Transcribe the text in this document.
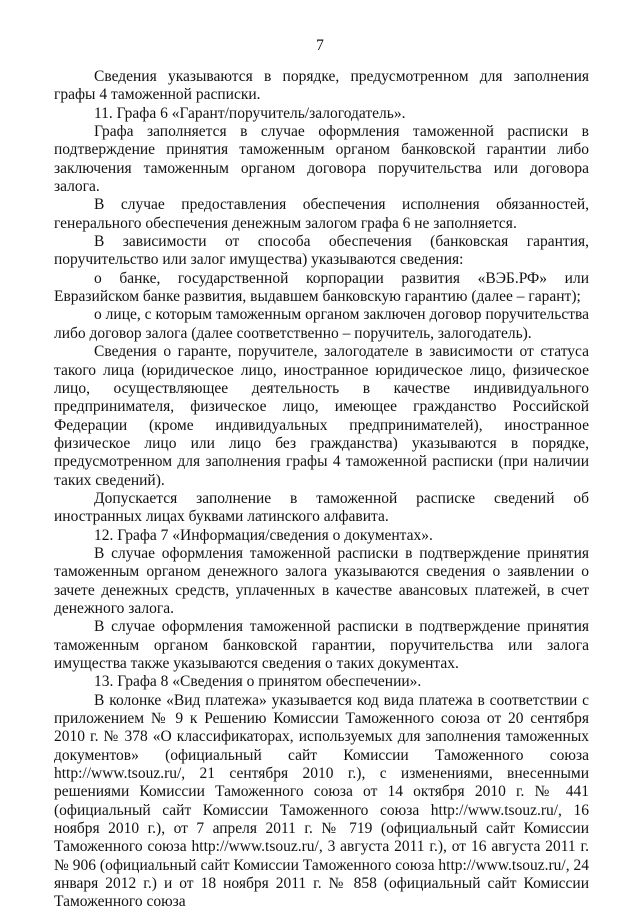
7

Сведения указываются в порядке, предусмотренном для заполнения графы 4 таможенной расписки.

11. Графа 6 «Гарант/поручитель/залогодатель».

Графа заполняется в случае оформления таможенной расписки в подтверждение принятия таможенным органом банковской гарантии либо заключения таможенным органом договора поручительства или договора залога.

В случае предоставления обеспечения исполнения обязанностей, генерального обеспечения денежным залогом графа 6 не заполняется.

В зависимости от способа обеспечения (банковская гарантия, поручительство или залог имущества) указываются сведения:

о банке, государственной корпорации развития «ВЭБ.РФ» или Евразийском банке развития, выдавшем банковскую гарантию (далее – гарант);

о лице, с которым таможенным органом заключен договор поручительства либо договор залога (далее соответственно – поручитель, залогодатель).

Сведения о гаранте, поручителе, залогодателе в зависимости от статуса такого лица (юридическое лицо, иностранное юридическое лицо, физическое лицо, осуществляющее деятельность в качестве индивидуального предпринимателя, физическое лицо, имеющее гражданство Российской Федерации (кроме индивидуальных предпринимателей), иностранное физическое лицо или лицо без гражданства) указываются в порядке, предусмотренном для заполнения графы 4 таможенной расписки (при наличии таких сведений).

Допускается заполнение в таможенной расписке сведений об иностранных лицах буквами латинского алфавита.

12. Графа 7 «Информация/сведения о документах».

В случае оформления таможенной расписки в подтверждение принятия таможенным органом денежного залога указываются сведения о заявлении о зачете денежных средств, уплаченных в качестве авансовых платежей, в счет денежного залога.

В случае оформления таможенной расписки в подтверждение принятия таможенным органом банковской гарантии, поручительства или залога имущества также указываются сведения о таких документах.

13. Графа 8 «Сведения о принятом обеспечении».

В колонке «Вид платежа» указывается код вида платежа в соответствии с приложением № 9 к Решению Комиссии Таможенного союза от 20 сентября 2010 г. № 378 «О классификаторах, используемых для заполнения таможенных документов» (официальный сайт Комиссии Таможенного союза http://www.tsouz.ru/, 21 сентября 2010 г.), с изменениями, внесенными решениями Комиссии Таможенного союза от 14 октября 2010 г. № 441 (официальный сайт Комиссии Таможенного союза http://www.tsouz.ru/, 16 ноября 2010 г.), от 7 апреля 2011 г. № 719 (официальный сайт Комиссии Таможенного союза http://www.tsouz.ru/, 3 августа 2011 г.), от 16 августа 2011 г. № 906 (официальный сайт Комиссии Таможенного союза http://www.tsouz.ru/, 24 января 2012 г.) и от 18 ноября 2011 г. № 858 (официальный сайт Комиссии Таможенного союза
